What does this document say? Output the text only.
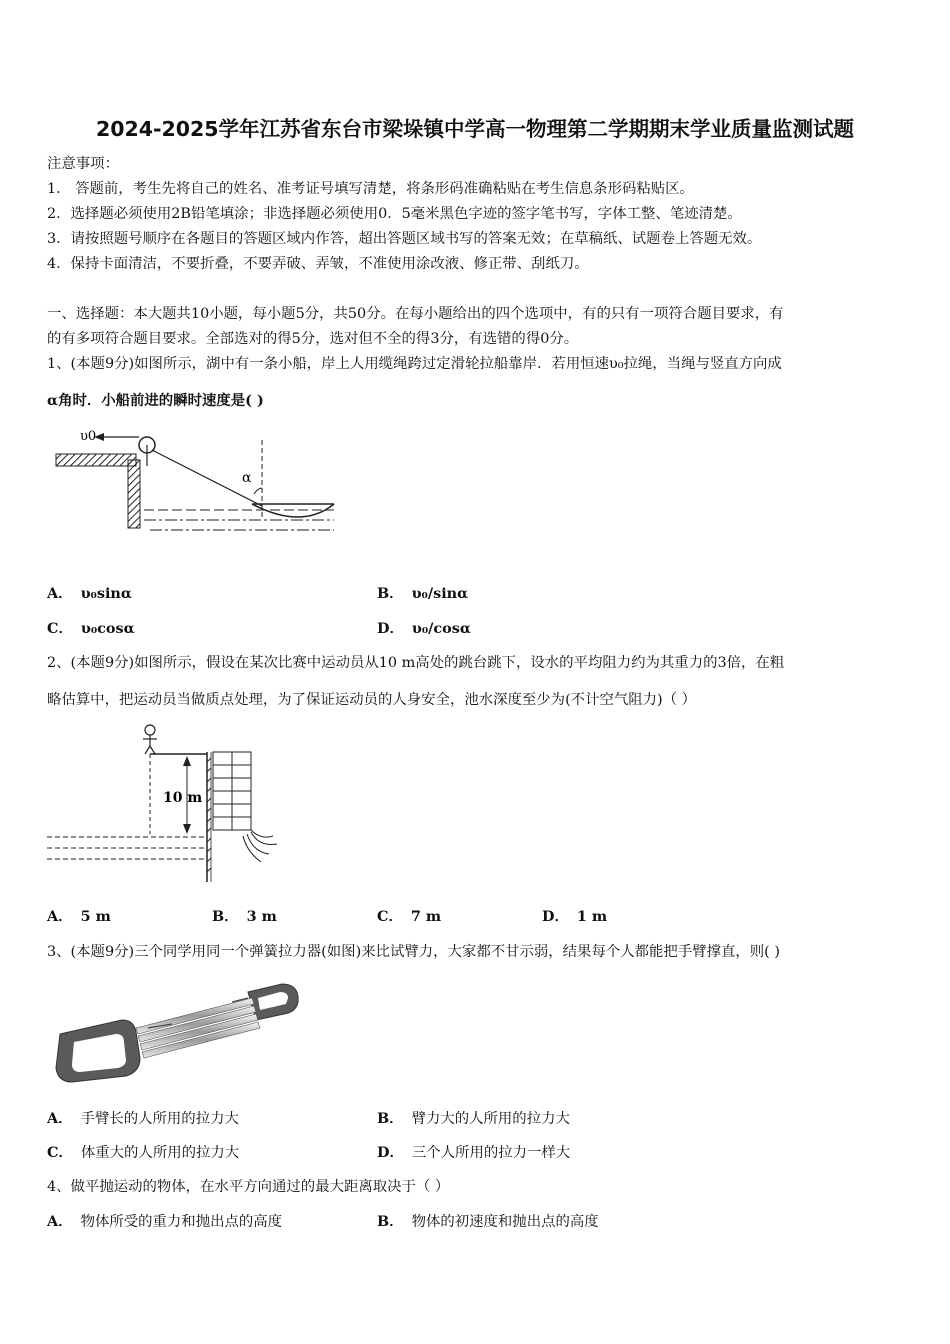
2024-2025学年江苏省东台市梁垛镇中学高一物理第二学期期末学业质量监测试题
注意事项：
1． 答题前，考生先将自己的姓名、准考证号填写清楚，将条形码准确粘贴在考生信息条形码粘贴区。
2．选择题必须使用2B铅笔填涂；非选择题必须使用0．5毫米黑色字迹的签字笔书写，字体工整、笔迹清楚。
3．请按照题号顺序在各题目的答题区域内作答，超出答题区域书写的答案无效；在草稿纸、试题卷上答题无效。
4．保持卡面清洁，不要折叠，不要弄破、弄皱，不准使用涂改液、修正带、刮纸刀。
一、选择题：本大题共10小题，每小题5分，共50分。在每小题给出的四个选项中，有的只有一项符合题目要求，有
的有多项符合题目要求。全部选对的得5分，选对但不全的得3分，有选错的得0分。
1、(本题9分)如图所示，湖中有一条小船，岸上人用缆绳跨过定滑轮拉船靠岸．若用恒速υ₀拉绳，当绳与竖直方向成
α角时．小船前进的瞬时速度是( )
υ0
α
A． υ₀sinα	B． υ₀/sinα
C． υ₀cosα	D． υ₀/cosα
2、(本题9分)如图所示，假设在某次比赛中运动员从10 m高处的跳台跳下，设水的平均阻力约为其重力的3倍，在粗
略估算中，把运动员当做质点处理，为了保证运动员的人身安全，池水深度至少为(不计空气阻力)（ ）
10 m
A． 5 m	B． 3 m	C． 7 m	D． 1 m
3、(本题9分)三个同学用同一个弹簧拉力器(如图)来比试臂力，大家都不甘示弱，结果每个人都能把手臂撑直，则( )
A． 手臂长的人所用的拉力大	B． 臂力大的人所用的拉力大
C． 体重大的人所用的拉力大	D． 三个人所用的拉力一样大
4、做平抛运动的物体，在水平方向通过的最大距离取决于（ ）
A． 物体所受的重力和抛出点的高度	B． 物体的初速度和抛出点的高度
